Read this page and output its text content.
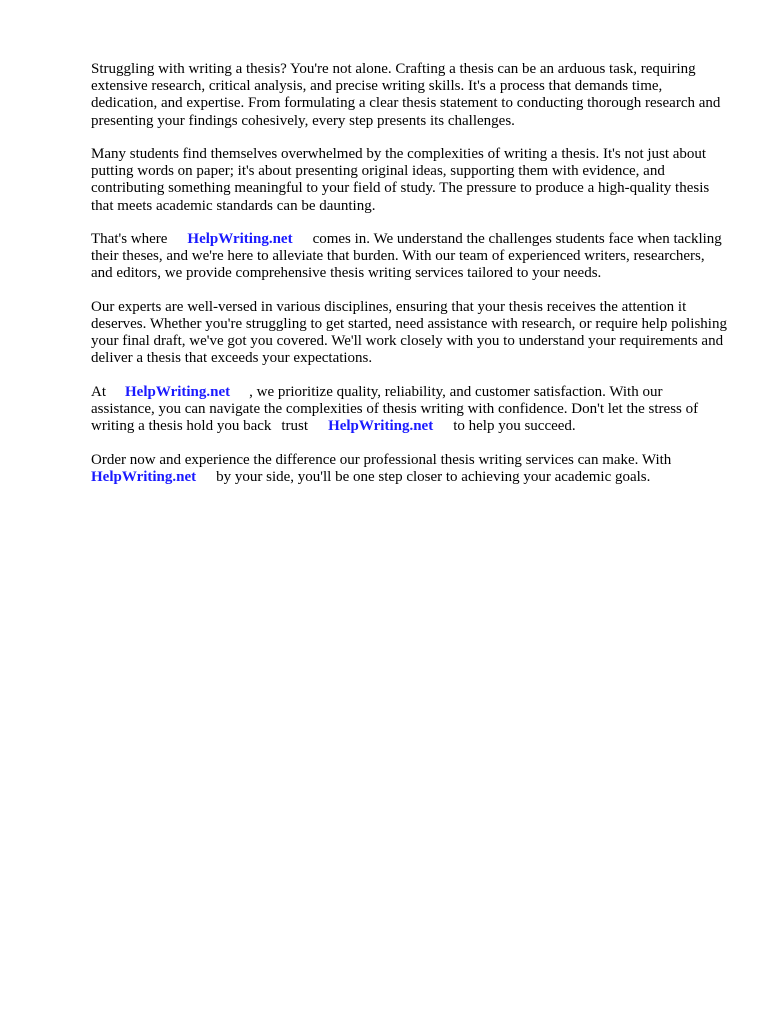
Struggling with writing a thesis? You're not alone. Crafting a thesis can be an arduous task, requiring extensive research, critical analysis, and precise writing skills. It's a process that demands time, dedication, and expertise. From formulating a clear thesis statement to conducting thorough research and presenting your findings cohesively, every step presents its challenges.

Many students find themselves overwhelmed by the complexities of writing a thesis. It's not just about putting words on paper; it's about presenting original ideas, supporting them with evidence, and contributing something meaningful to your field of study. The pressure to produce a high-quality thesis that meets academic standards can be daunting.

That's where HelpWriting.net comes in. We understand the challenges students face when tackling their theses, and we're here to alleviate that burden. With our team of experienced writers, researchers, and editors, we provide comprehensive thesis writing services tailored to your needs.

Our experts are well-versed in various disciplines, ensuring that your thesis receives the attention it deserves. Whether you're struggling to get started, need assistance with research, or require help polishing your final draft, we've got you covered. We'll work closely with you to understand your requirements and deliver a thesis that exceeds your expectations.

At HelpWriting.net , we prioritize quality, reliability, and customer satisfaction. With our assistance, you can navigate the complexities of thesis writing with confidence. Don't let the stress of writing a thesis hold you back trust HelpWriting.net to help you succeed.

Order now and experience the difference our professional thesis writing services can make. With HelpWriting.net by your side, you'll be one step closer to achieving your academic goals.
